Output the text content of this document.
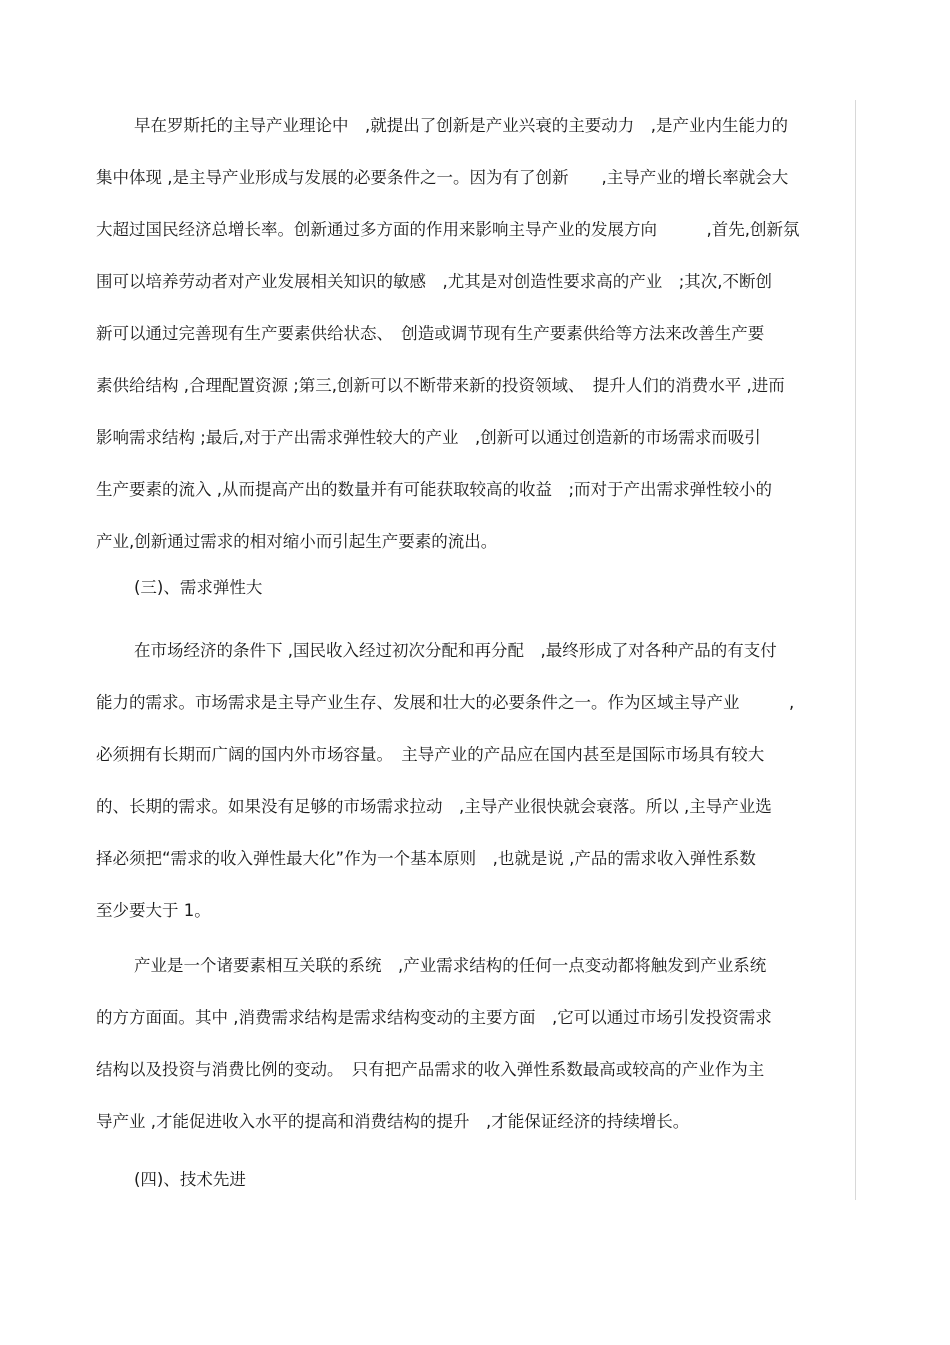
早在罗斯托的主导产业理论中　,就提出了创新是产业兴衰的主要动力　,是产业内生能力的
集中体现 ,是主导产业形成与发展的必要条件之一。因为有了创新　　,主导产业的增长率就会大
大超过国民经济总增长率。创新通过多方面的作用来影响主导产业的发展方向　　　,首先,创新氛
围可以培养劳动者对产业发展相关知识的敏感　,尤其是对创造性要求高的产业　;其次,不断创
新可以通过完善现有生产要素供给状态、　创造或调节现有生产要素供给等方法来改善生产要
素供给结构 ,合理配置资源 ;第三,创新可以不断带来新的投资领域、　提升人们的消费水平 ,进而
影响需求结构 ;最后,对于产出需求弹性较大的产业　,创新可以通过创造新的市场需求而吸引
生产要素的流入 ,从而提高产出的数量并有可能获取较高的收益　;而对于产出需求弹性较小的
产业,创新通过需求的相对缩小而引起生产要素的流出。
(三)、需求弹性大
在市场经济的条件下 ,国民收入经过初次分配和再分配　,最终形成了对各种产品的有支付
能力的需求。市场需求是主导产业生存、发展和壮大的必要条件之一。作为区域主导产业　　　,
必须拥有长期而广阔的国内外市场容量。　主导产业的产品应在国内甚至是国际市场具有较大
的、长期的需求。如果没有足够的市场需求拉动　,主导产业很快就会衰落。所以 ,主导产业选
择必须把“需求的收入弹性最大化”作为一个基本原则　,也就是说 ,产品的需求收入弹性系数
至少要大于 1。
产业是一个诸要素相互关联的系统　,产业需求结构的任何一点变动都将触发到产业系统
的方方面面。其中 ,消费需求结构是需求结构变动的主要方面　,它可以通过市场引发投资需求
结构以及投资与消费比例的变动。　只有把产品需求的收入弹性系数最高或较高的产业作为主
导产业 ,才能促进收入水平的提高和消费结构的提升　,才能保证经济的持续增长。
(四)、技术先进
